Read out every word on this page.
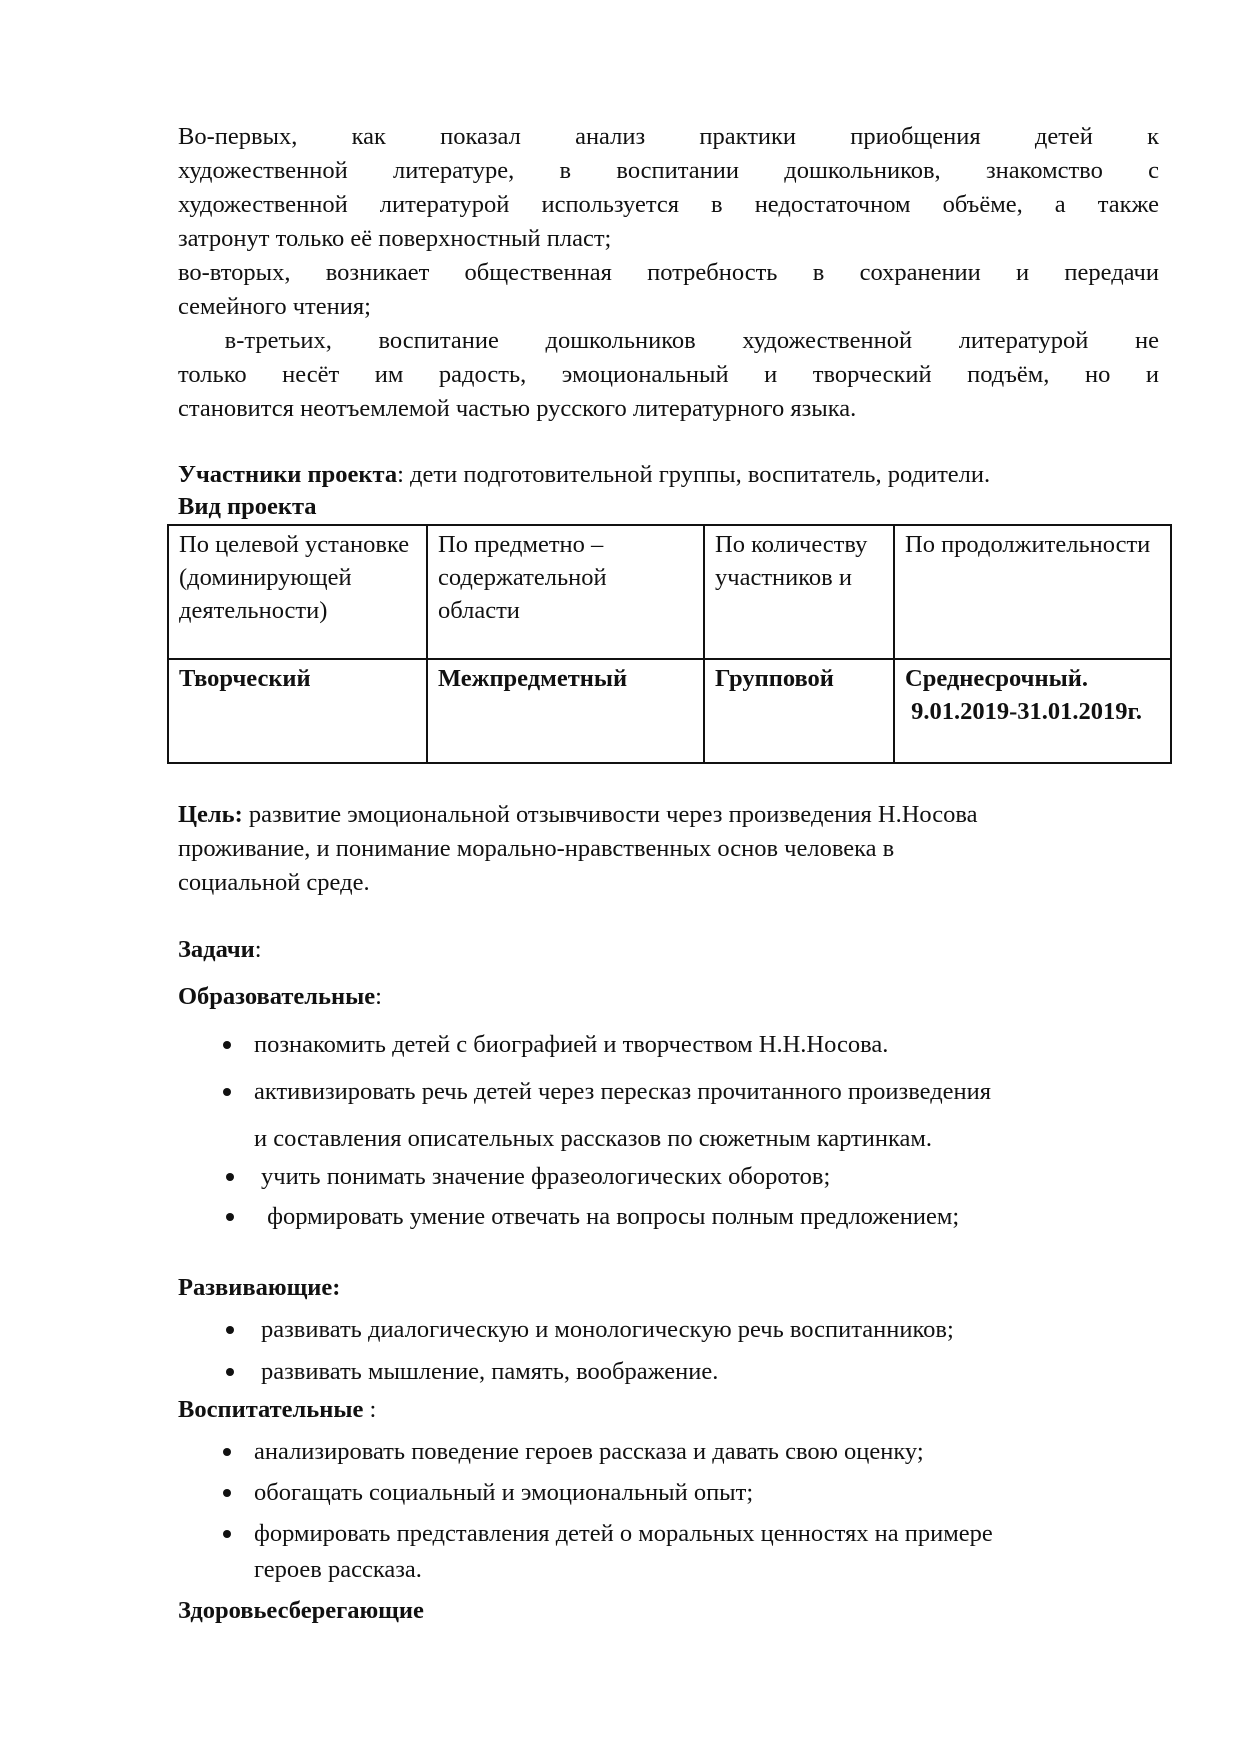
Во-первых, как показал анализ практики приобщения детей к
художественной литературе, в воспитании дошкольников, знакомство с
художественной литературой используется в недостаточном объёме, а также
затронут только её поверхностный пласт;
во-вторых, возникает общественная потребность в сохранении и передачи
семейного чтения;
в-третьих, воспитание дошкольников художественной литературой не
только несёт им радость, эмоциональный и творческий подъём, но и
становится неотъемлемой частью русского литературного языка.
Участники проекта: дети подготовительной группы, воспитатель, родители.
Вид проекта
По целевой установке (доминирующей деятельности)	По предметно – содержательной области	По количеству участников и	По продолжительности
Творческий	Межпредметный	Групповой	Среднесрочный.
9.01.2019-31.01.2019г.
Цель: развитие эмоциональной отзывчивости через произведения Н.Носова
проживание, и понимание морально-нравственных основ человека в
социальной среде.
Задачи:
Образовательные:
познакомить детей с биографией и творчеством Н.Н.Носова.
активизировать речь детей через пересказ прочитанного произведения
и составления описательных рассказов по сюжетным картинкам.
учить понимать значение фразеологических оборотов;
формировать умение отвечать на вопросы полным предложением;
Развивающие:
развивать диалогическую и монологическую речь воспитанников;
развивать мышление, память, воображение.
Воспитательные :
анализировать поведение героев рассказа и давать свою оценку;
обогащать социальный и эмоциональный опыт;
формировать представления детей о моральных ценностях на примере
героев рассказа.
Здоровьесберегающие
